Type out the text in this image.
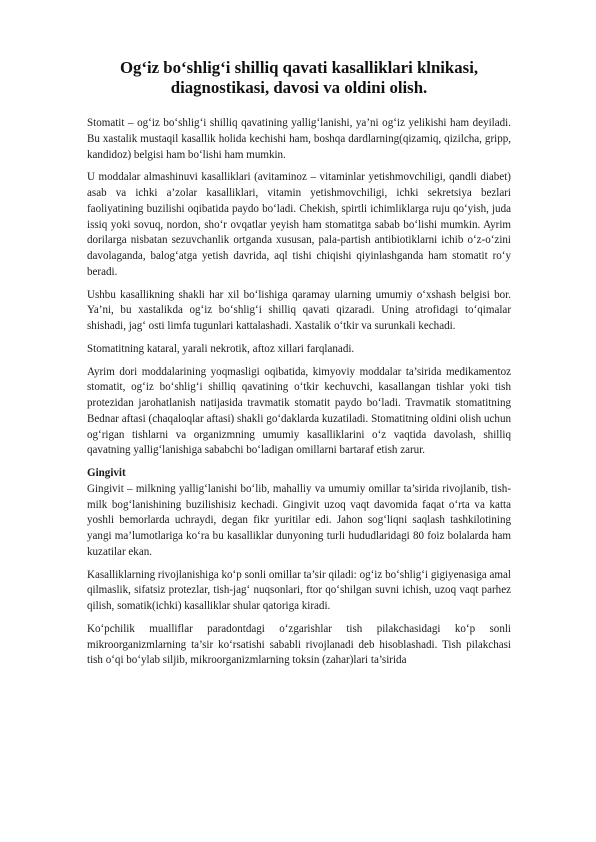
Og‘iz bo‘shlig‘i shilliq qavati kasalliklari klnikasi,
diagnostikasi, davosi va oldini olish.

Stomatit – og‘iz bo‘shlig‘i shilliq qavatining yallig‘lanishi, ya’ni og‘iz yelikishi ham deyiladi. Bu xastalik mustaqil kasallik holida kechishi ham, boshqa dardlarning(qizamiq, qizilcha, gripp, kandidoz) belgisi ham bo‘lishi ham mumkin.

U moddalar almashinuvi kasalliklari (avitaminoz – vitaminlar yetishmovchiligi, qandli diabet) asab va ichki a’zolar kasalliklari, vitamin yetishmovchiligi, ichki sekretsiya bezlari faoliyatining buzilishi oqibatida paydo bo‘ladi. Chekish, spirtli ichimliklarga ruju qo‘yish, juda issiq yoki sovuq, nordon, sho‘r ovqatlar yeyish ham stomatitga sabab bo‘lishi mumkin. Ayrim dorilarga nisbatan sezuvchanlik ortganda xususan, pala-partish antibiotiklarni ichib o‘z-o‘zini davolaganda, balog‘atga yetish davrida, aql tishi chiqishi qiyinlashganda ham stomatit ro‘y beradi.

Ushbu kasallikning shakli har xil bo‘lishiga qaramay ularning umumiy o‘xshash belgisi bor. Ya’ni, bu xastalikda og‘iz bo‘shlig‘i shilliq qavati qizaradi. Uning atrofidagi to‘qimalar shishadi, jag‘ osti limfa tugunlari kattalashadi. Xastalik o‘tkir va surunkali kechadi.

Stomatitning kataral, yarali nekrotik, aftoz xillari farqlanadi.

Ayrim dori moddalarining yoqmasligi oqibatida, kimyoviy moddalar ta’sirida medikamentoz stomatit, og‘iz bo‘shlig‘i shilliq qavatining o‘tkir kechuvchi, kasallangan tishlar yoki tish protezidan jarohatlanish natijasida travmatik stomatit paydo bo‘ladi. Travmatik stomatitning Bednar aftasi (chaqaloqlar aftasi) shakli go‘daklarda kuzatiladi. Stomatitning oldini olish uchun og‘rigan tishlarni va organizmning umumiy kasalliklarini o‘z vaqtida davolash, shilliq qavatning yallig‘lanishiga sababchi bo‘ladigan omillarni bartaraf etish zarur.

Gingivit

Gingivit – milkning yallig‘lanishi bo‘lib, mahalliy va umumiy omillar ta’sirida rivojlanib, tish-milk bog‘lanishining buzilishisiz kechadi. Gingivit uzoq vaqt davomida faqat o‘rta va katta yoshli bemorlarda uchraydi, degan fikr yuritilar edi. Jahon sog‘liqni saqlash tashkilotining yangi ma’lumotlariga ko‘ra bu kasalliklar dunyoning turli hududlaridagi 80 foiz bolalarda ham kuzatilar ekan.

Kasalliklarning rivojlanishiga ko‘p sonli omillar ta’sir qiladi: og‘iz bo‘shlig‘i gigiyenasiga amal qilmaslik, sifatsiz protezlar, tish-jag‘ nuqsonlari, ftor qo‘shilgan suvni ichish, uzoq vaqt parhez qilish, somatik(ichki) kasalliklar shular qatoriga kiradi.

Ko‘pchilik mualliflar paradontdagi o‘zgarishlar tish pilakchasidagi ko‘p sonli mikroorganizmlarning ta’sir ko‘rsatishi sababli rivojlanadi deb hisoblashadi. Tish pilakchasi tish o‘qi bo‘ylab siljib, mikroorganizmlarning toksin (zahar)lari ta’sirida
